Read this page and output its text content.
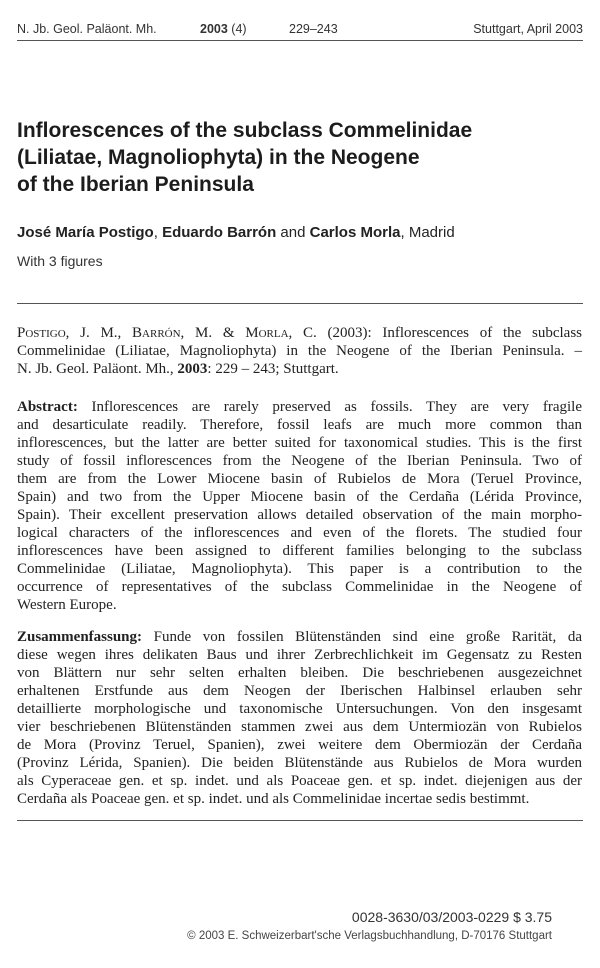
N. Jb. Geol. Paläont. Mh.	2003 (4)	229–243	Stuttgart, April 2003
Inflorescences of the subclass Commelinidae
(Liliatae, Magnoliophyta) in the Neogene
of the Iberian Peninsula
José María Postigo, Eduardo Barrón and Carlos Morla, Madrid
With 3 figures
Postigo, J. M., Barrón, M. & Morla, C. (2003): Inflorescences of the subclass
Commelinidae (Liliatae, Magnoliophyta) in the Neogene of the Iberian Peninsula. –
N. Jb. Geol. Paläont. Mh., 2003: 229 – 243; Stuttgart.
Abstract: Inflorescences are rarely preserved as fossils. They are very fragile
and desarticulate readily. Therefore, fossil leafs are much more common than
inflorescences, but the latter are better suited for taxonomical studies. This is the first
study of fossil inflorescences from the Neogene of the Iberian Peninsula. Two of
them are from the Lower Miocene basin of Rubielos de Mora (Teruel Province,
Spain) and two from the Upper Miocene basin of the Cerdaña (Lérida Province,
Spain). Their excellent preservation allows detailed observation of the main morpho-
logical characters of the inflorescences and even of the florets. The studied four
inflorescences have been assigned to different families belonging to the subclass
Commelinidae (Liliatae, Magnoliophyta). This paper is a contribution to the
occurrence of representatives of the subclass Commelinidae in the Neogene of
Western Europe.
Zusammenfassung: Funde von fossilen Blütenständen sind eine große Rarität, da
diese wegen ihres delikaten Baus und ihrer Zerbrechlichkeit im Gegensatz zu Resten
von Blättern nur sehr selten erhalten bleiben. Die beschriebenen ausgezeichnet
erhaltenen Erstfunde aus dem Neogen der Iberischen Halbinsel erlauben sehr
detaillierte morphologische und taxonomische Untersuchungen. Von den insgesamt
vier beschriebenen Blütenständen stammen zwei aus dem Untermiozän von Rubielos
de Mora (Provinz Teruel, Spanien), zwei weitere dem Obermiozän der Cerdaña
(Provinz Lérida, Spanien). Die beiden Blütenstände aus Rubielos de Mora wurden
als Cyperaceae gen. et sp. indet. und als Poaceae gen. et sp. indet. diejenigen aus der
Cerdaña als Poaceae gen. et sp. indet. und als Commelinidae incertae sedis bestimmt.
0028-3630/03/2003-0229 $ 3.75
© 2003 E. Schweizerbart'sche Verlagsbuchhandlung, D-70176 Stuttgart
